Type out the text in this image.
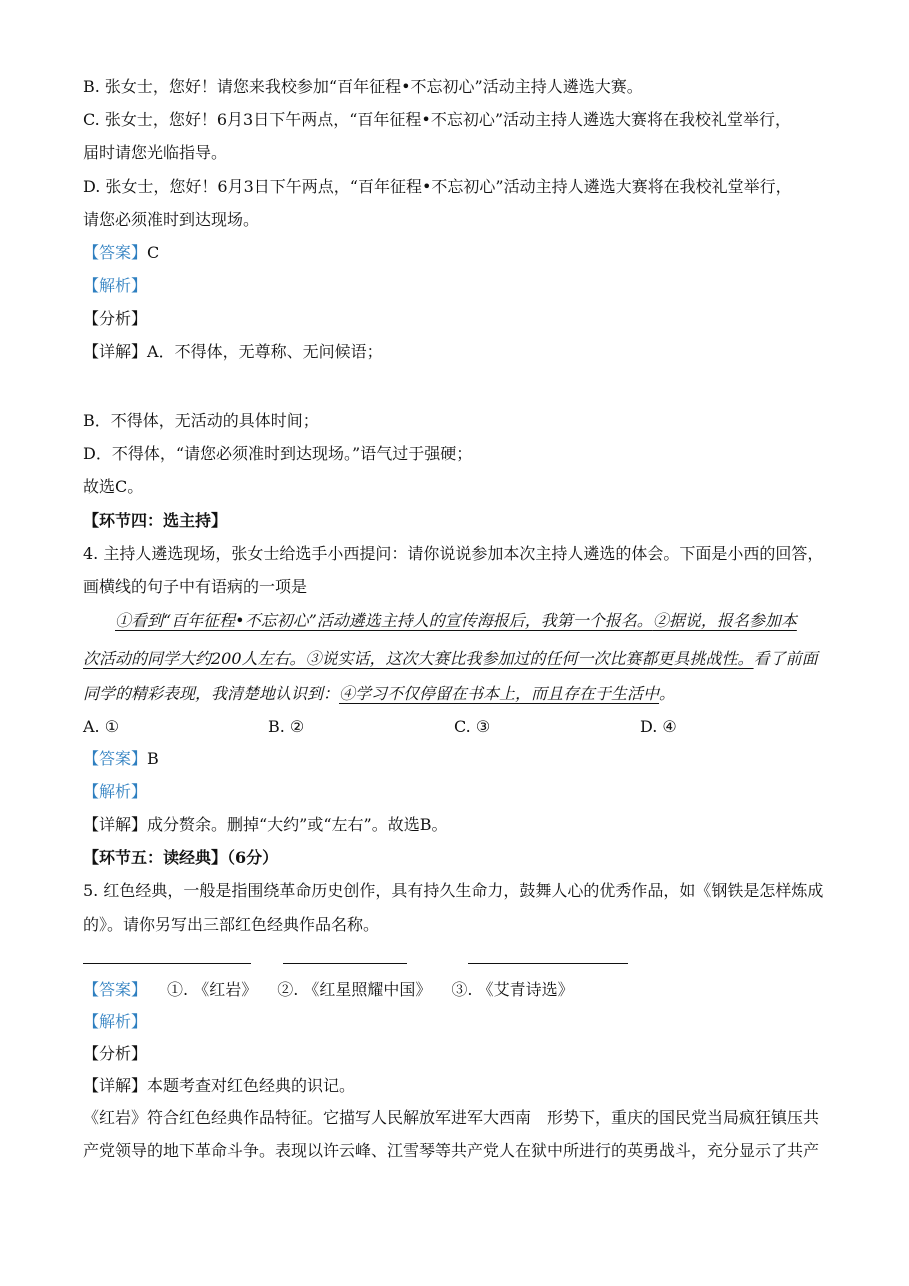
B. 张女士，您好！请您来我校参加“百年征程•不忘初心”活动主持人遴选大赛。
C. 张女士，您好！6月3日下午两点，“百年征程•不忘初心”活动主持人遴选大赛将在我校礼堂举行，
届时请您光临指导。
D. 张女士，您好！6月3日下午两点，“百年征程•不忘初心”活动主持人遴选大赛将在我校礼堂举行，
请您必须准时到达现场。
【答案】C
【解析】
【分析】
【详解】A．不得体，无尊称、无问候语；
B．不得体，无活动的具体时间；
D．不得体，“请您必须准时到达现场。”语气过于强硬；
故选C。
【环节四：选主持】
4. 主持人遴选现场，张女士给选手小西提问：请你说说参加本次主持人遴选的体会。下面是小西的回答，
画横线的句子中有语病的一项是
①看到“百年征程•不忘初心”活动遴选主持人的宣传海报后，我第一个报名。②据说，报名参加本
次活动的同学大约200人左右。③说实话，这次大赛比我参加过的任何一次比赛都更具挑战性。看了前面
同学的精彩表现，我清楚地认识到：④学习不仅停留在书本上，而且存在于生活中。
A. ①	B. ②	C. ③	D. ④
【答案】B
【解析】
【详解】成分赘余。删掉“大约”或“左右”。故选B。
【环节五：读经典】（6分）
5. 红色经典，一般是指围绕革命历史创作，具有持久生命力，鼓舞人心的优秀作品，如《钢铁是怎样炼成
的》。请你另写出三部红色经典作品名称。
【答案】 ①. 《红岩》 ②. 《红星照耀中国》 ③. 《艾青诗选》
【解析】
【分析】
【详解】本题考查对红色经典的识记。
《红岩》符合红色经典作品特征。它描写人民解放军进军大西南　形势下，重庆的国民党当局疯狂镇压共
产党领导的地下革命斗争。表现以许云峰、江雪琴等共产党人在狱中所进行的英勇战斗，充分显示了共产
